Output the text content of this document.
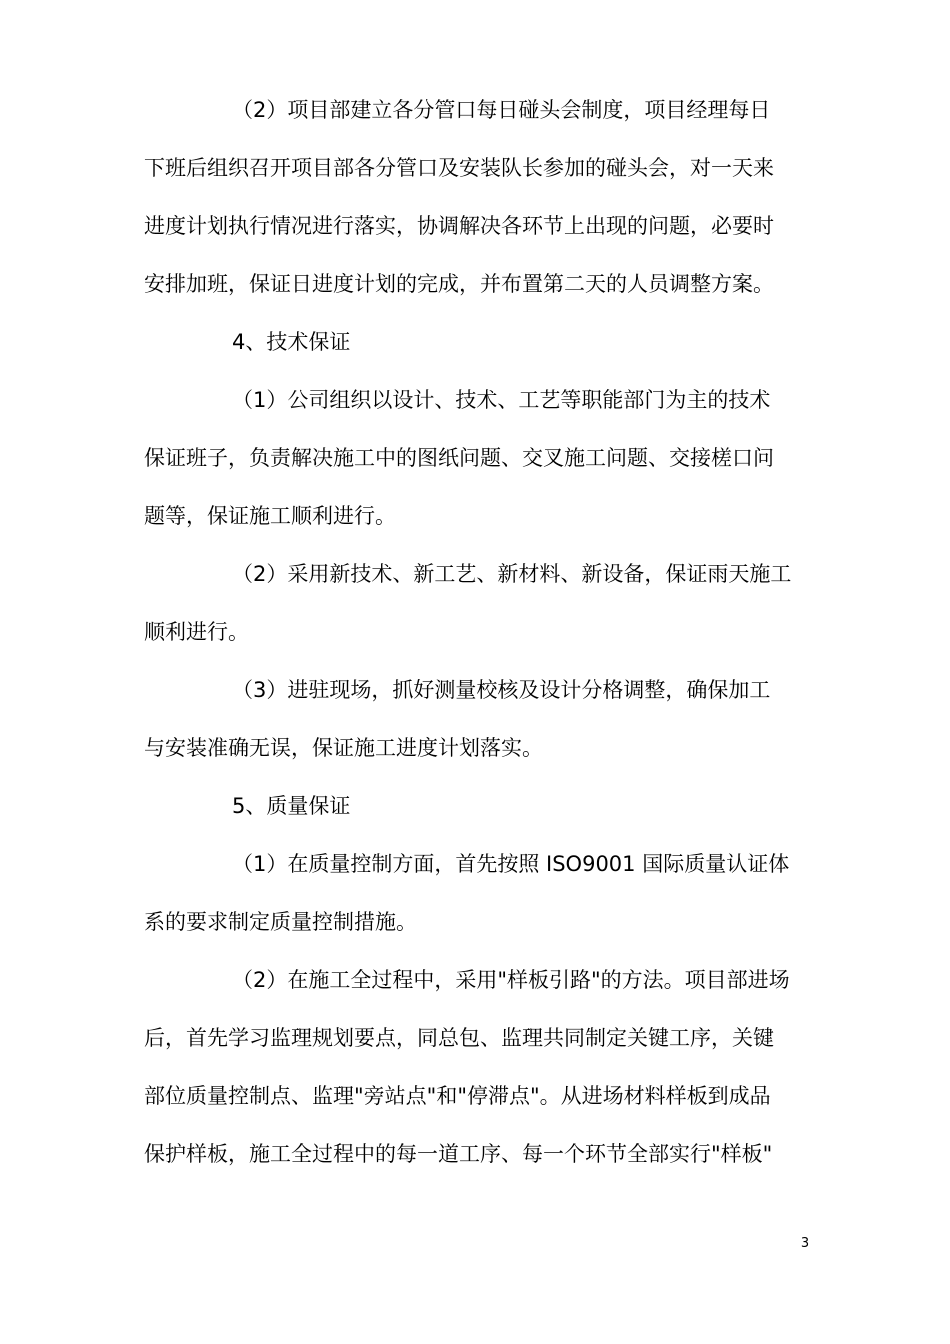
（2）项目部建立各分管口每日碰头会制度，项目经理每日
下班后组织召开项目部各分管口及安装队长参加的碰头会，对一天来
进度计划执行情况进行落实，协调解决各环节上出现的问题，必要时
安排加班，保证日进度计划的完成，并布置第二天的人员调整方案。
4、技术保证
（1）公司组织以设计、技术、工艺等职能部门为主的技术
保证班子，负责解决施工中的图纸问题、交叉施工问题、交接槎口问
题等，保证施工顺利进行。
（2）采用新技术、新工艺、新材料、新设备，保证雨天施工
顺利进行。
（3）进驻现场，抓好测量校核及设计分格调整，确保加工
与安装准确无误，保证施工进度计划落实。
5、质量保证
（1）在质量控制方面，首先按照 ISO9001 国际质量认证体
系的要求制定质量控制措施。
（2）在施工全过程中，采用"样板引路"的方法。项目部进场
后，首先学习监理规划要点，同总包、监理共同制定关键工序，关键
部位质量控制点、监理"旁站点"和"停滞点"。从进场材料样板到成品
保护样板，施工全过程中的每一道工序、每一个环节全部实行"样板"
3
